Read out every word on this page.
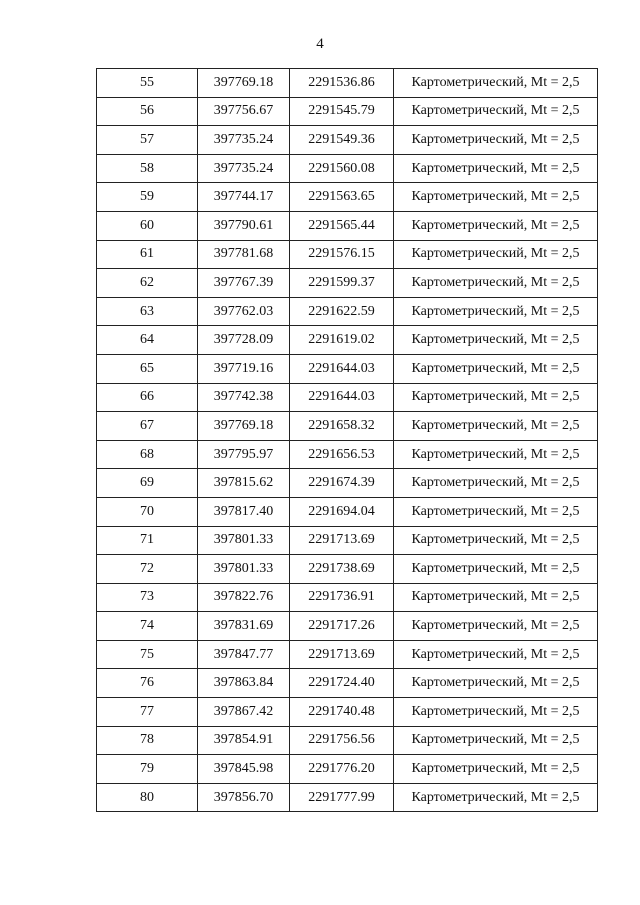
4
55	397769.18	2291536.86	Картометрический, Mt = 2,5
56	397756.67	2291545.79	Картометрический, Mt = 2,5
57	397735.24	2291549.36	Картометрический, Mt = 2,5
58	397735.24	2291560.08	Картометрический, Mt = 2,5
59	397744.17	2291563.65	Картометрический, Mt = 2,5
60	397790.61	2291565.44	Картометрический, Mt = 2,5
61	397781.68	2291576.15	Картометрический, Mt = 2,5
62	397767.39	2291599.37	Картометрический, Mt = 2,5
63	397762.03	2291622.59	Картометрический, Mt = 2,5
64	397728.09	2291619.02	Картометрический, Mt = 2,5
65	397719.16	2291644.03	Картометрический, Mt = 2,5
66	397742.38	2291644.03	Картометрический, Mt = 2,5
67	397769.18	2291658.32	Картометрический, Mt = 2,5
68	397795.97	2291656.53	Картометрический, Mt = 2,5
69	397815.62	2291674.39	Картометрический, Mt = 2,5
70	397817.40	2291694.04	Картометрический, Mt = 2,5
71	397801.33	2291713.69	Картометрический, Mt = 2,5
72	397801.33	2291738.69	Картометрический, Mt = 2,5
73	397822.76	2291736.91	Картометрический, Mt = 2,5
74	397831.69	2291717.26	Картометрический, Mt = 2,5
75	397847.77	2291713.69	Картометрический, Mt = 2,5
76	397863.84	2291724.40	Картометрический, Mt = 2,5
77	397867.42	2291740.48	Картометрический, Mt = 2,5
78	397854.91	2291756.56	Картометрический, Mt = 2,5
79	397845.98	2291776.20	Картометрический, Mt = 2,5
80	397856.70	2291777.99	Картометрический, Mt = 2,5
